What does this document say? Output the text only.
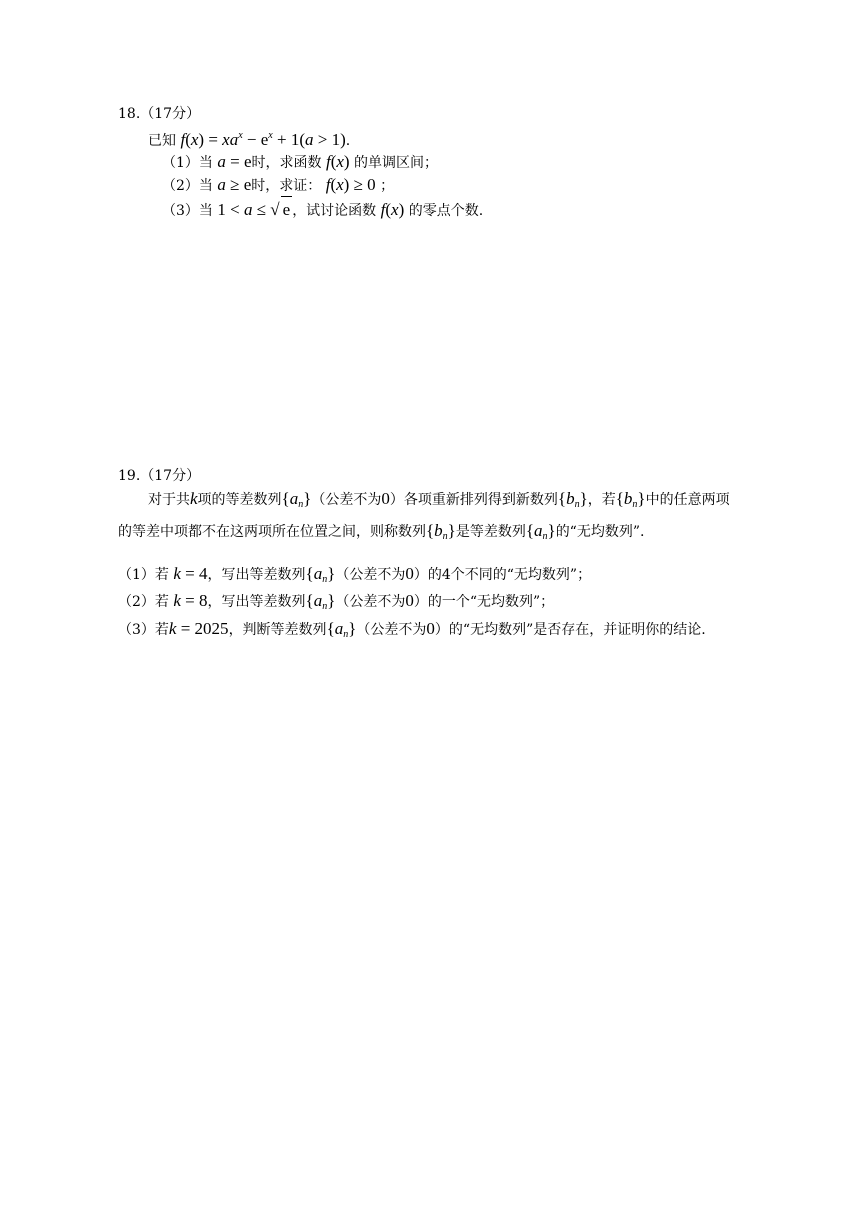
18.（17分）

已知 $f(x) = xa^x - e^x + 1(a > 1)$.

（1）当 a = e时，求函数 f(x) 的单调区间；

（2）当 a ≥ e时，求证： f(x) ≥ 0 ；

（3）当 1 < a ≤ √ e ，试讨论函数 f(x) 的零点个数.

19.（17分）

对于共k项的等差数列$\{a_n\}$（公差不为0）各项重新排列得到新数列$\{b_n\}$，若$\{b_n\}$中的任意两项的等差中项都不在这两项所在位置之间，则称数列$\{b_n\}$是等差数列$\{a_n\}$的“无均数列”.

（1）若 k = 4，写出等差数列$\{a_n\}$（公差不为0）的4个不同的“无均数列”；

（2）若 k = 8，写出等差数列$\{a_n\}$（公差不为0）的一个“无均数列”；

（3）若k = 2025，判断等差数列$\{a_n\}$（公差不为0）的“无均数列”是否存在，并证明你的结论.
